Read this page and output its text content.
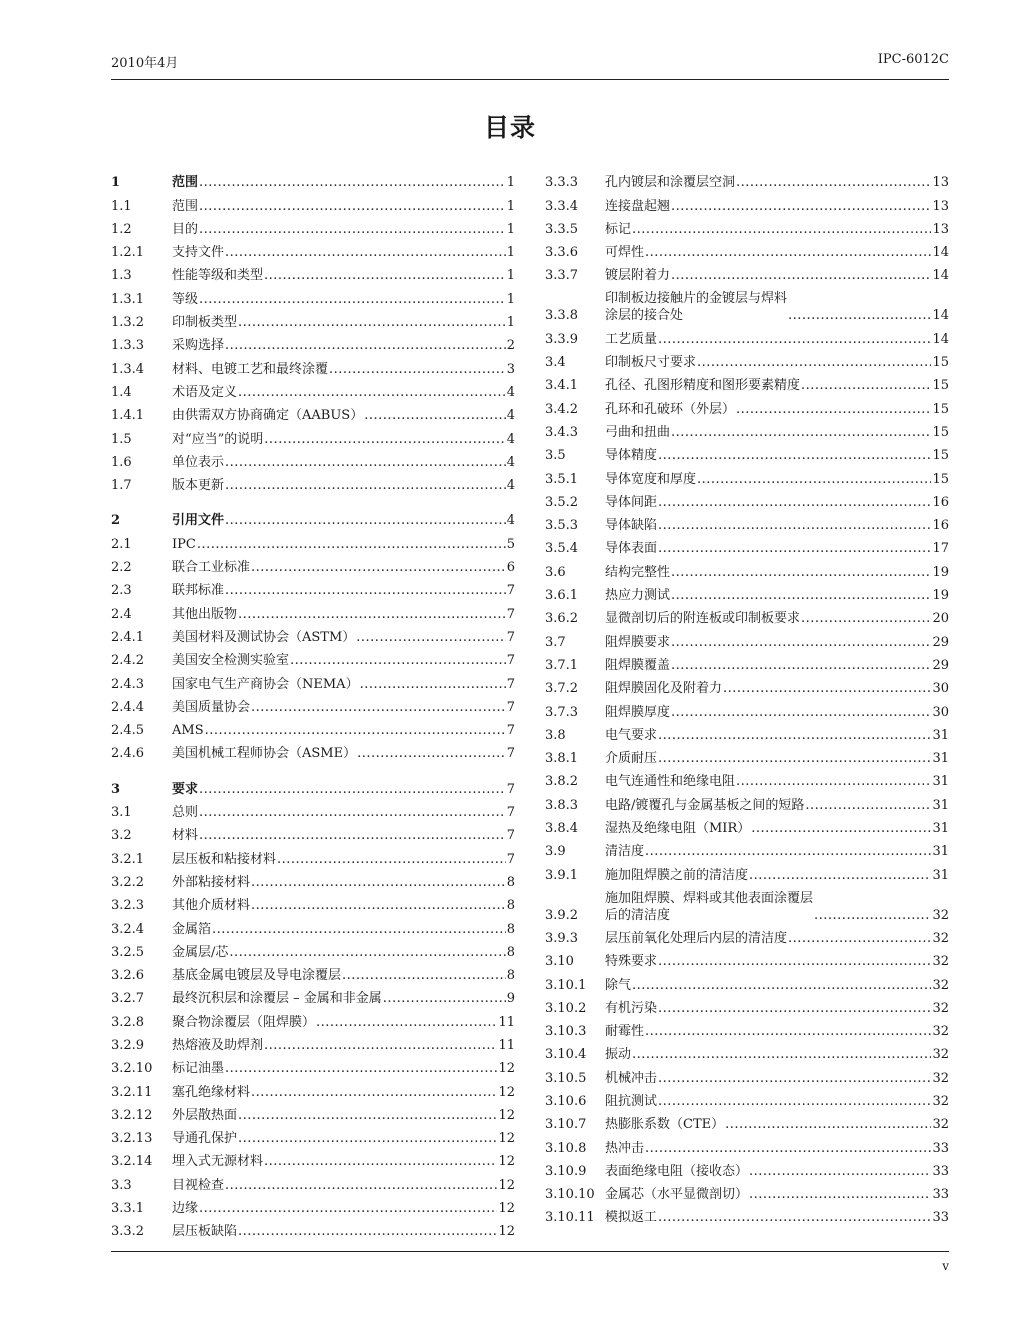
2010年4月	IPC-6012C
目录
1	范围 .....	1
1.1	范围 .....	1
1.2	目的 .....	1
1.2.1	支持文件 .....	1
1.3	性能等级和类型 .....	1
1.3.1	等级 .....	1
1.3.2	印制板类型 .....	1
1.3.3	采购选择 .....	2
1.3.4	材料、电镀工艺和最终涂覆 .....	3
1.4	术语及定义 .....	4
1.4.1	由供需双方协商确定（AABUS） .....	4
1.5	对“应当”的说明 .....	4
1.6	单位表示 .....	4
1.7	版本更新 .....	4
2	引用文件 .....	4
2.1	IPC .....	5
2.2	联合工业标准 .....	6
2.3	联邦标准 .....	7
2.4	其他出版物 .....	7
2.4.1	美国材料及测试协会（ASTM） .....	7
2.4.2	美国安全检测实验室 .....	7
2.4.3	国家电气生产商协会（NEMA） .....	7
2.4.4	美国质量协会 .....	7
2.4.5	AMS .....	7
2.4.6	美国机械工程师协会（ASME） .....	7
3	要求 .....	7
3.1	总则 .....	7
3.2	材料 .....	7
3.2.1	层压板和粘接材料 .....	7
3.2.2	外部粘接材料 .....	8
3.2.3	其他介质材料 .....	8
3.2.4	金属箔 .....	8
3.2.5	金属层/芯 .....	8
3.2.6	基底金属电镀层及导电涂覆层 .....	8
3.2.7	最终沉积层和涂覆层 – 金属和非金属 .....	9
3.2.8	聚合物涂覆层（阻焊膜） .....	11
3.2.9	热熔液及助焊剂 .....	11
3.2.10	标记油墨 .....	12
3.2.11	塞孔绝缘材料 .....	12
3.2.12	外层散热面 .....	12
3.2.13	导通孔保护 .....	12
3.2.14	埋入式无源材料 .....	12
3.3	目视检查 .....	12
3.3.1	边缘 .....	12
3.3.2	层压板缺陷 .....	12
3.3.3	孔内镀层和涂覆层空洞 .....	13
3.3.4	连接盘起翘 .....	13
3.3.5	标记 .....	13
3.3.6	可焊性 .....	14
3.3.7	镀层附着力 .....	14
3.3.8
印制板边接触片的金镀层与焊料
涂层的接合处 .....	14
3.3.9	工艺质量 .....	14
3.4	印制板尺寸要求 .....	15
3.4.1	孔径、孔图形精度和图形要素精度 .....	15
3.4.2	孔环和孔破环（外层） .....	15
3.4.3	弓曲和扭曲 .....	15
3.5	导体精度 .....	15
3.5.1	导体宽度和厚度 .....	15
3.5.2	导体间距 .....	16
3.5.3	导体缺陷 .....	16
3.5.4	导体表面 .....	17
3.6	结构完整性 .....	19
3.6.1	热应力测试 .....	19
3.6.2	显微剖切后的附连板或印制板要求 .....	20
3.7	阻焊膜要求 .....	29
3.7.1	阻焊膜覆盖 .....	29
3.7.2	阻焊膜固化及附着力 .....	30
3.7.3	阻焊膜厚度 .....	30
3.8	电气要求 .....	31
3.8.1	介质耐压 .....	31
3.8.2	电气连通性和绝缘电阻 .....	31
3.8.3	电路/镀覆孔与金属基板之间的短路 .....	31
3.8.4	湿热及绝缘电阻（MIR） .....	31
3.9	清洁度 .....	31
3.9.1	施加阻焊膜之前的清洁度 .....	31
3.9.2
施加阻焊膜、焊料或其他表面涂覆层
后的清洁度 .....	32
3.9.3	层压前氧化处理后内层的清洁度 .....	32
3.10	特殊要求 .....	32
3.10.1	除气 .....	32
3.10.2	有机污染 .....	32
3.10.3	耐霉性 .....	32
3.10.4	振动 .....	32
3.10.5	机械冲击 .....	32
3.10.6	阻抗测试 .....	32
3.10.7	热膨胀系数（CTE） .....	32
3.10.8	热冲击 .....	33
3.10.9	表面绝缘电阻（接收态） .....	33
3.10.10 金属芯（水平显微剖切） .....	33
3.10.11 模拟返工 .....	33
v
